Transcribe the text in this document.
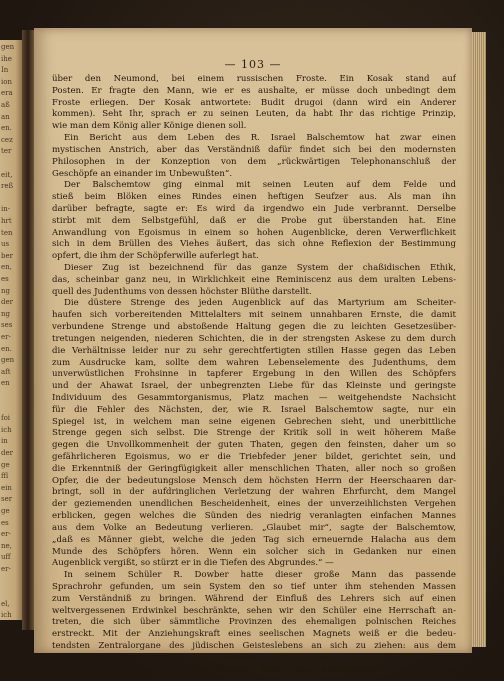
gen
ihe
In
ion
era
aß
an
en.
cez
ter
eit,
reß
in-
hrt
ten
us
ber
en,
es
ng
der
ng
ses
er-
en.
gen
aft
en
foi
ich
in
der
ge
ffl
ein
ser
ge
es
er-
ne,
uff
er-
el,
ich
— 103 —
über den Neumond, bei einem russischen Froste. Ein Kosak stand auf
Posten. Er fragte den Mann, wie er es aushalte, er müsse doch unbedingt dem
Froste erliegen. Der Kosak antwortete: Budit drugoi (dann wird ein Anderer
kommen). Seht Ihr, sprach er zu seinen Leuten, da habt Ihr das richtige Prinzip,
wie man dem König aller Könige dienen soll.
Ein Bericht aus dem Leben des R. Israel Balschemtow hat zwar einen
mystischen Anstrich, aber das Verständniß dafür findet sich bei den modernsten
Philosophen in der Konzeption von dem „rückwärtigen Telephonanschluß der
Geschöpfe an einander im Unbewußten“.
Der Balschemtow ging einmal mit seinen Leuten auf dem Felde und
stieß beim Blöken eines Rindes einen heftigen Seufzer aus. Als man ihn
darüber befragte, sagte er: Es wird da irgendwo ein Jude verbrannt. Derselbe
stirbt mit dem Selbstgefühl, daß er die Probe gut überstanden hat. Eine
Anwandlung von Egoismus in einem so hohen Augenblicke, deren Verwerflichkeit
sich in dem Brüllen des Viehes äußert, das sich ohne Reflexion der Bestimmung
opfert, die ihm der Schöpferwille auferlegt hat.
Dieser Zug ist bezeichnend für das ganze System der chaßidischen Ethik,
das, scheinbar ganz neu, in Wirklichkeit eine Reminiscenz aus dem uralten Lebens-
quell des Judenthums von dessen höchster Blüthe darstellt.
Die düstere Strenge des jeden Augenblick auf das Martyrium am Scheiter-
haufen sich vorbereitenden Mittelalters mit seinem unnahbaren Ernste, die damit
verbundene Strenge und abstoßende Haltung gegen die zu leichten Gesetzesüber-
tretungen neigenden, niederen Schichten, die in der strengsten Askese zu dem durch
die Verhältnisse leider nur zu sehr gerechtfertigten stillen Hasse gegen das Leben
zum Ausdrucke kam, sollte dem wahren Lebenselemente des Judenthums, dem
unverwüstlichen Frohsinne in tapferer Ergebung in den Willen des Schöpfers
und der Ahawat Israel, der unbegrenzten Liebe für das Kleinste und geringste
Individuum des Gesammtorganismus, Platz machen — weitgehendste Nachsicht
für die Fehler des Nächsten, der, wie R. Israel Balschemtow sagte, nur ein
Spiegel ist, in welchem man seine eigenen Gebrechen sieht, und unerbittliche
Strenge gegen sich selbst. Die Strenge der Kritik soll in weit höherem Maße
gegen die Unvollkommenheit der guten Thaten, gegen den feinsten, daher um so
gefährlicheren Egoismus, wo er die Triebfeder jener bildet, gerichtet sein, und
die Erkenntniß der Geringfügigkeit aller menschlichen Thaten, aller noch so großen
Opfer, die der bedeutungslose Mensch dem höchsten Herrn der Heerschaaren dar-
bringt, soll in der aufdringlichen Verletzung der wahren Ehrfurcht, dem Mangel
der geziemenden unendlichen Bescheidenheit, eines der unverzeihlichsten Vergehen
erblicken, gegen welches die Sünden des niedrig veranlagten einfachen Mannes
aus dem Volke an Bedeutung verlieren. „Glaubet mir“, sagte der Balschemtow,
„daß es Männer giebt, welche die jeden Tag sich erneuernde Halacha aus dem
Munde des Schöpfers hören. Wenn ein solcher sich in Gedanken nur einen
Augenblick vergißt, so stürzt er in die Tiefen des Abgrundes.“ —
In seinem Schüler R. Dowber hatte dieser große Mann das passende
Sprachrohr gefunden, um sein System den so tief unter ihm stehenden Massen
zum Verständniß zu bringen. Während der Einfluß des Lehrers sich auf einen
weltvergessenen Erdwinkel beschränkte, sehen wir den Schüler eine Herrschaft an-
treten, die sich über sämmtliche Provinzen des ehemaligen polnischen Reiches
erstreckt. Mit der Anziehungskraft eines seelischen Magnets weiß er die bedeu-
tendsten Zentralorgane des jüdischen Geisteslebens an sich zu ziehen: aus dem
fernen Littauen den R. Nachum Otterstetzer, R. Chaim Ham-
burger, den Schulkollegen des Wilnaer Gaon, den berühmten R. Salomo aus
